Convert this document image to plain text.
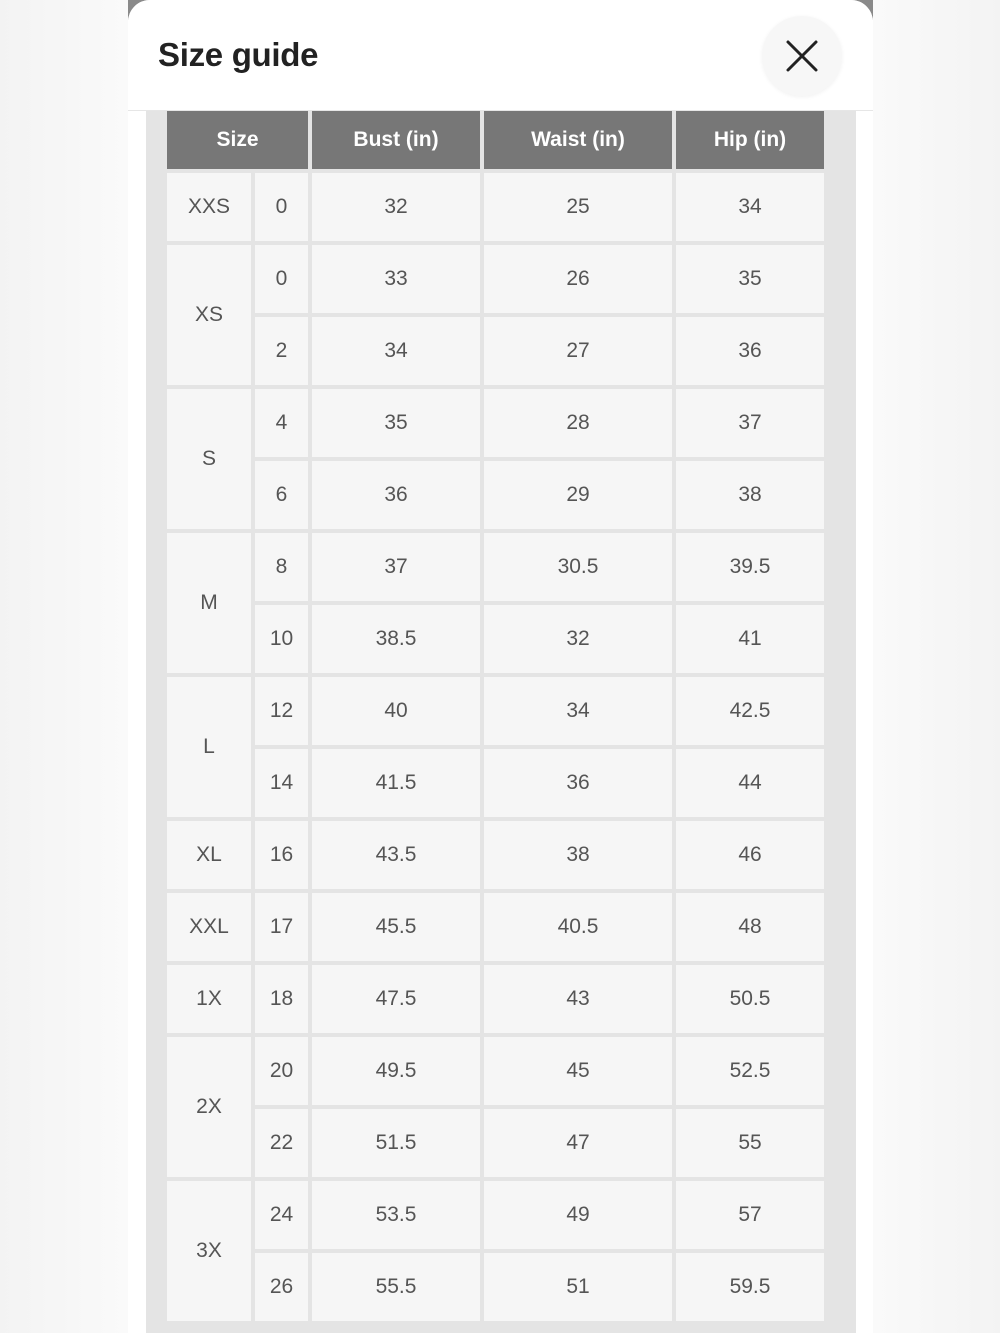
Size guide
Size		Bust (in)	Waist (in)	Hip (in)
XXS	0	32	25	34
XS	0	33	26	35
	2	34	27	36
S	4	35	28	37
	6	36	29	38
M	8	37	30.5	39.5
	10	38.5	32	41
L	12	40	34	42.5
	14	41.5	36	44
XL	16	43.5	38	46
XXL	17	45.5	40.5	48
1X	18	47.5	43	50.5
2X	20	49.5	45	52.5
	22	51.5	47	55
3X	24	53.5	49	57
	26	55.5	51	59.5
